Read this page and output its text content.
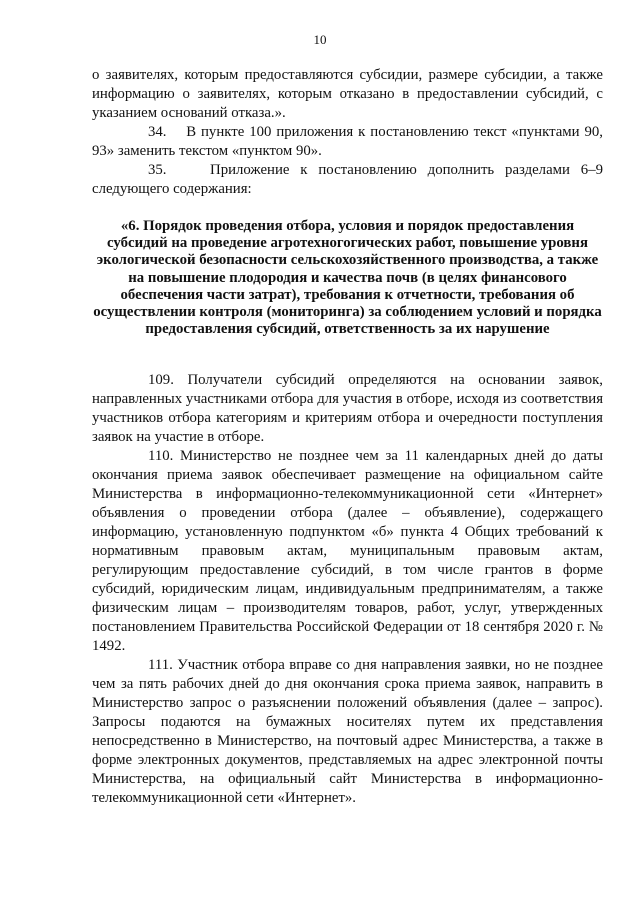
10

о заявителях, которым предоставляются субсидии, размере субсидии, а также информацию о заявителях, которым отказано в предоставлении субсидий, с указанием оснований отказа.».

34.    В пункте 100 приложения к постановлению текст «пунктами 90, 93» заменить текстом «пунктом 90».

35.    Приложение к постановлению дополнить разделами 6–9 следующего содержания:

«6. Порядок проведения отбора, условия и порядок предоставления субсидий на проведение агротехногогических работ, повышение уровня экологической безопасности сельскохозяйственного производства, а также на повышение плодородия и качества почв (в целях финансового обеспечения части затрат), требования к отчетности, требования об осуществлении контроля (мониторинга) за соблюдением условий и порядка предоставления субсидий, ответственность за их нарушение

109. Получатели субсидий определяются на основании заявок, направленных участниками отбора для участия в отборе, исходя из соответствия участников отбора категориям и критериям отбора и очередности поступления заявок на участие в отборе.

110. Министерство не позднее чем за 11 календарных дней до даты окончания приема заявок обеспечивает размещение на официальном сайте Министерства в информационно-телекоммуникационной сети «Интернет» объявления о проведении отбора (далее – объявление), содержащего информацию, установленную подпунктом «б» пункта 4 Общих требований к нормативным правовым актам, муниципальным правовым актам, регулирующим предоставление субсидий, в том числе грантов в форме субсидий, юридическим лицам, индивидуальным предпринимателям, а также физическим лицам – производителям товаров, работ, услуг, утвержденных постановлением Правительства Российской Федерации от 18 сентября 2020 г. № 1492.

111. Участник отбора вправе со дня направления заявки, но не позднее чем за пять рабочих дней до дня окончания срока приема заявок, направить в Министерство запрос о разъяснении положений объявления (далее – запрос). Запросы подаются на бумажных носителях путем их представления непосредственно в Министерство, на почтовый адрес Министерства, а также в форме электронных документов, представляемых на адрес электронной почты Министерства, на официальный сайт Министерства в информационно-телекоммуникационной сети «Интернет».
